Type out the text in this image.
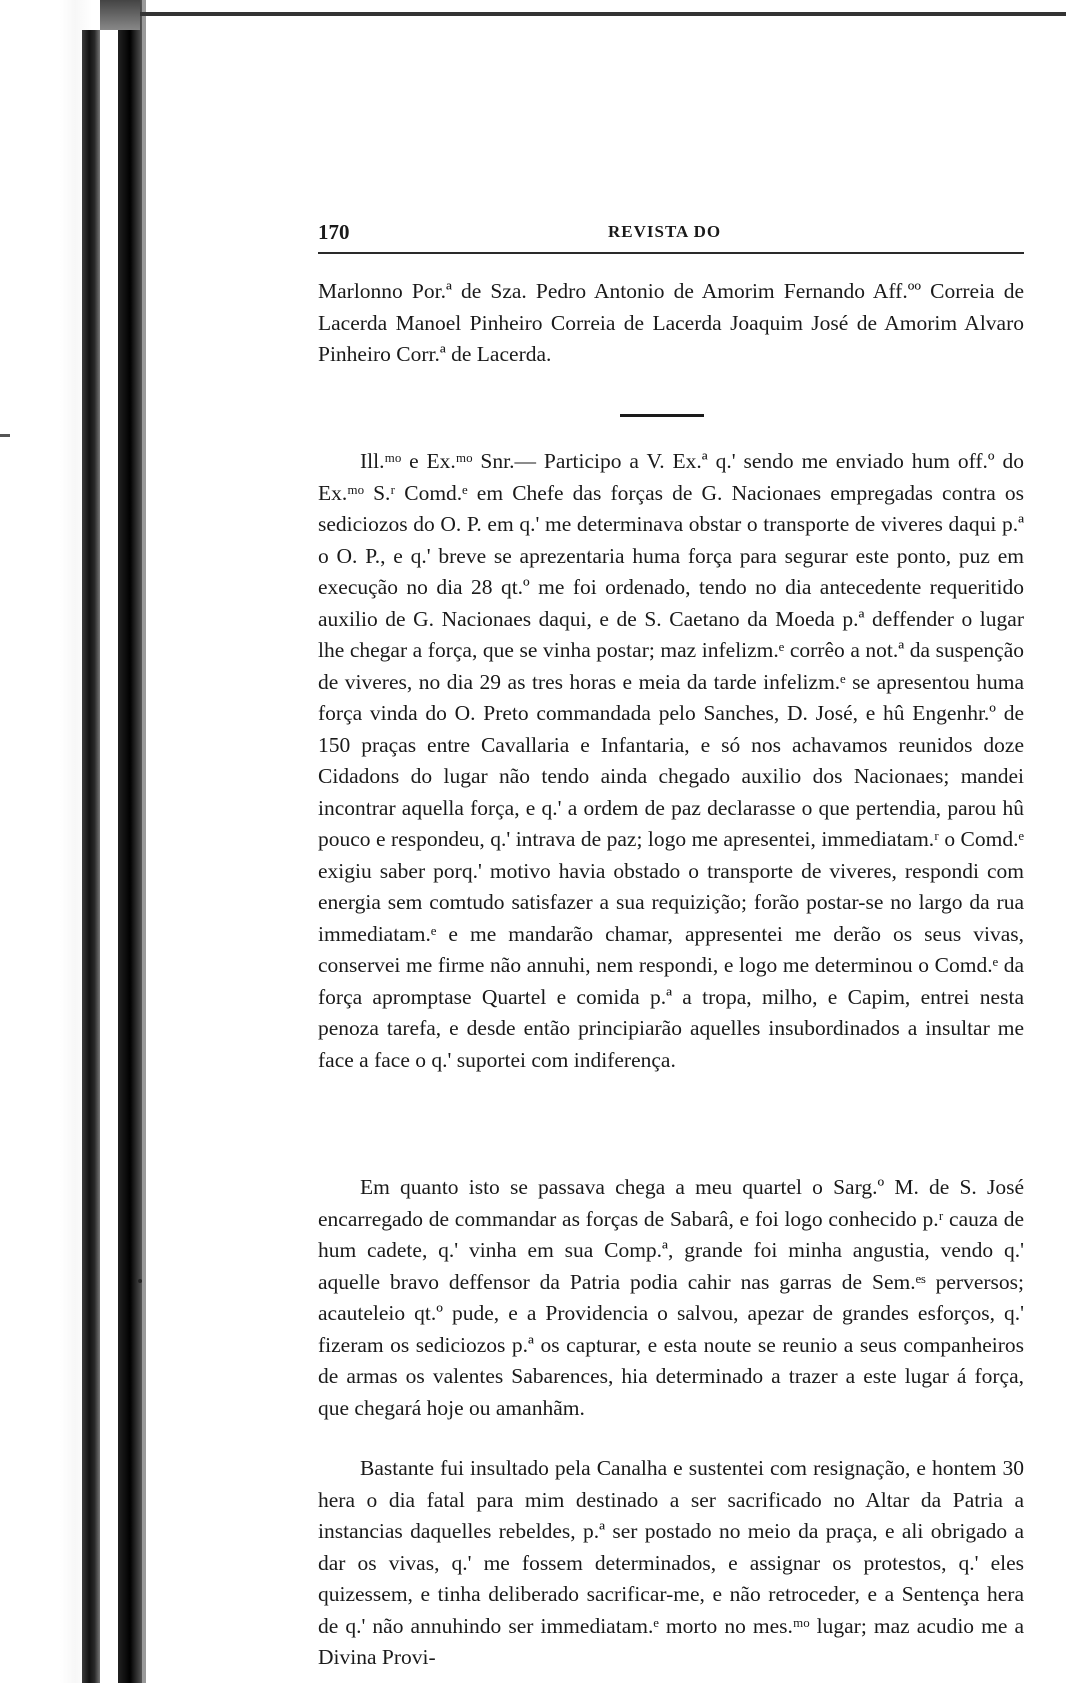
170	REVISTA DO

Marlonno Por.ª de Sza. Pedro Antonio de Amorim Fernando Aff.ºº Correia de Lacerda Manoel Pinheiro Correia de Lacerda Joaquim José de Amorim Alvaro Pinheiro Corr.ª de Lacerda.

Ill.ᵐᵒ e Ex.ᵐᵒ Snr.— Participo a V. Ex.ª q.' sendo me enviado hum off.º do Ex.ᵐᵒ S.ʳ Comd.ᵉ em Chefe das forças de G. Nacionaes empregadas contra os sediciozos do O. P. em q.' me determinava obstar o transporte de viveres daqui p.ª o O. P., e q.' breve se aprezentaria huma força para segurar este ponto, puz em execução no dia 28 qt.º me foi ordenado, tendo no dia antecedente requeritido auxilio de G. Nacionaes daqui, e de S. Caetano da Moeda p.ª deffender o lugar lhe chegar a força, que se vinha postar; maz infelizm.ᵉ corrêo a not.ª da suspenção de viveres, no dia 29 as tres horas e meia da tarde infelizm.ᵉ se apresentou huma força vinda do O. Preto commandada pelo Sanches, D. José, e hû Engenhr.º de 150 praças entre Cavallaria e Infantaria, e só nos achavamos reunidos doze Cidadons do lugar não tendo ainda chegado auxilio dos Nacionaes; mandei incontrar aquella força, e q.' a ordem de paz declarasse o que pertendia, parou hû pouco e respondeu, q.' intrava de paz; logo me apresentei, immediatam.ʳ o Comd.ᵉ exigiu saber porq.' motivo havia obstado o transporte de viveres, respondi com energia sem comtudo satisfazer a sua requizição; forão postar-se no largo da rua immediatam.ᵉ e me mandarão chamar, appresentei me derão os seus vivas, conservei me firme não annuhi, nem respondi, e logo me determinou o Comd.ᵉ da força apromptase Quartel e comida p.ª a tropa, milho, e Capim, entrei nesta penoza tarefa, e desde então principiarão aquelles insubordinados a insultar me face a face o q.' suportei com indiferença.

Em quanto isto se passava chega a meu quartel o Sarg.º M. de S. José encarregado de commandar as forças de Sabarâ, e foi logo conhecido p.ʳ cauza de hum cadete, q.' vinha em sua Comp.ª, grande foi minha angustia, vendo q.' aquelle bravo deffensor da Patria podia cahir nas garras de Sem.ᵉˢ perversos; acauteleio qt.º pude, e a Providencia o salvou, apezar de grandes esforços, q.' fizeram os sediciozos p.ª os capturar, e esta noute se reunio a seus companheiros de armas os valentes Sabarences, hia determinado a trazer a este lugar á força, que chegará hoje ou amanhãm.

Bastante fui insultado pela Canalha e sustentei com resignação, e hontem 30 hera o dia fatal para mim destinado a ser sacrificado no Altar da Patria a instancias daquelles rebeldes, p.ª ser postado no meio da praça, e ali obrigado a dar os vivas, q.' me fossem determinados, e assignar os protestos, q.' eles quizessem, e tinha deliberado sacrificar-me, e não retroceder, e a Sentença hera de q.' não annuhindo ser immediatam.ᵉ morto no mes.ᵐᵒ lugar; maz acudio me a Divina Provi-
